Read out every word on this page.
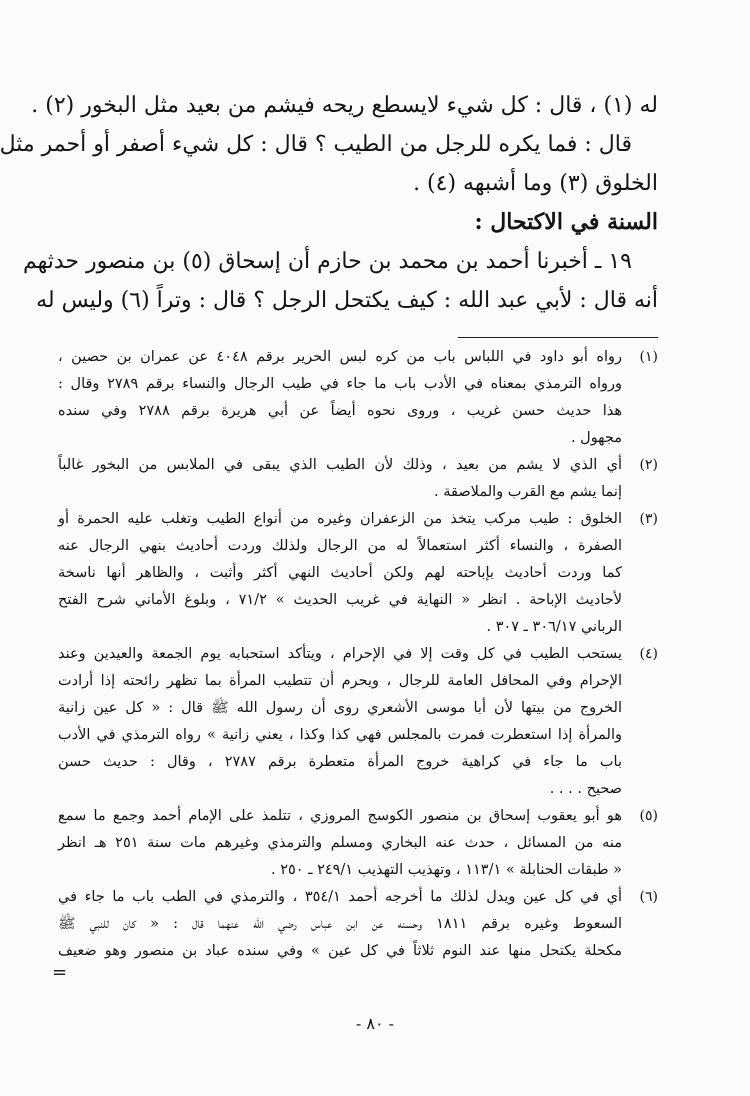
له (١) ، قال : كل شيء لايسطع ريحه فيشم من بعيد مثل البخور (٢) .

قال : فما يكره للرجل من الطيب ؟ قال : كل شيء أصفر أو أحمر مثل

الخلوق (٣) وما أشبهه (٤) .

السنة في الاكتحال :

١٩ ـ أخبرنا أحمد بن محمد بن حازم أن إسحاق (٥) بن منصور حدثهم

أنه قال : لأبي عبد الله : كيف يكتحل الرجل ؟ قال : وتراً (٦) وليس له

(١)
رواه أبو داود في اللباس باب من كره لبس الحرير برقم ٤٠٤٨ عن عمران بن حصين ،
ورواه الترمذي بمعناه في الأدب باب ما جاء في طيب الرجال والنساء برقم ٢٧٨٩ وقال :
هذا حديث حسن غريب ، وروى نحوه أيضاً عن أبي هريرة برقم ٢٧٨٨ وفي سنده
مجهول .
(٢)
أي الذي لا يشم من بعيد ، وذلك لأن الطيب الذي يبقى في الملابس من البخور غالباً
إنما يشم مع القرب والملاصقة .
(٣)
الخلوق : طيب مركب يتخذ من الزعفران وغيره من أنواع الطيب وتغلب عليه الحمرة أو
الصفرة ، والنساء أكثر استعمالاً له من الرجال ولذلك وردت أحاديث بنهي الرجال عنه
كما وردت أحاديث بإباحته لهم ولكن أحاديث النهي أكثر وأثبت ، والظاهر أنها ناسخة
لأحاديث الإباحة . انظر « النهاية في غريب الحديث » ٧١/٢ ، وبلوغ الأماني شرح الفتح
الرباني ٣٠٦/١٧ ـ ٣٠٧ .
(٤)
يستحب الطيب في كل وقت إلا في الإحرام ، ويتأكد استحبابه يوم الجمعة والعيدين وعند
الإحرام وفي المحافل العامة للرجال ، ويحرم أن تتطيب المرأة بما تظهر رائحته إذا أرادت
الخروج من بيتها لأن أبا موسى الأشعري روى أن رسول الله ﷺ قال : « كل عين زانية
والمرأة إذا استعطرت فمرت بالمجلس فهي كذا وكذا ، يعني زانية » رواه الترمذي في الأدب
باب ما جاء في كراهية خروج المرأة متعطرة برقم ٢٧٨٧ ، وقال : حديث حسن
صحيح . . . .
(٥)
هو أبو يعقوب إسحاق بن منصور الكوسج المروزي ، تتلمذ على الإمام أحمد وجمع ما سمع
منه من المسائل ، حدث عنه البخاري ومسلم والترمذي وغيرهم مات سنة ٢٥١ هـ انظر
« طبقات الحنابلة » ١١٣/١ ، وتهذيب التهذيب ٢٤٩/١ ـ ٢٥٠ .
(٦)
أي في كل عين ويدل لذلك ما أخرجه أحمد ٣٥٤/١ ، والترمذي في الطب باب ما جاء في
السعوط وغيره برقم ١٨١١ وحسنه عن ابن عباس رضي الله عنهما قال : « كان للنبي ﷺ
مكحلة يكتحل منها عند النوم ثلاثاً في كل عين » وفي سنده عباد بن منصور وهو ضعيف
=
- ٨٠ -
